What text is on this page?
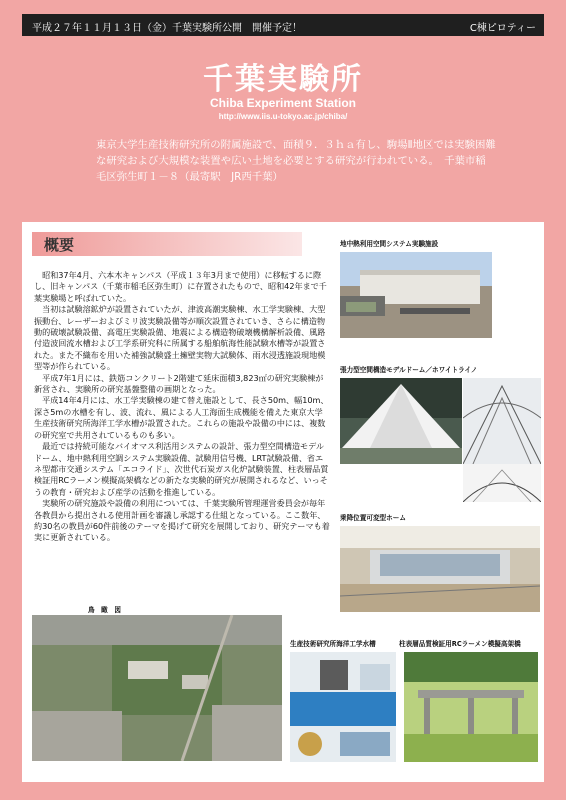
平成２７年１１月１３日（金）千葉実験所公開　開催予定！	C棟ピロティー
千葉実験所
Chiba Experiment Station
http://www.iis.u-tokyo.ac.jp/chiba/
東京大学生産技術研究所の附属施設で、面積９．３ｈａ有し、駒場Ⅱ地区では実験困難な研究および大規模な装置や広い土地を必要とする研究が行われている。　千葉市稲毛区弥生町１－８（最寄駅　JR西千葉）
概要

昭和37年4月、六本木キャンパス（平成１３年3月まで使用）に移転するに際し、旧キャンパス（千葉市稲毛区弥生町）に存置されたもので、昭和42年まで千葉実験場と呼ばれていた。

当初は試験溶鉱炉が設置されていたが、津波高潮実験棟、水工学実験棟、大型振動台、レーザーおよびミリ波実験設備等が順次設置されていき、さらに構造物動的破壊試験設備、高電圧実験設備、地震による構造物破壊機構解析設備、風路付造波回流水槽および工学系研究科に所属する船舶航海性能試験水槽等が設置された。また不織布を用いた補強試験盛土擁壁実物大試験体、雨水浸透施設現地模型等が作られている。

平成7年1月には、鉄筋コンクリート2階建て延床面積3,823㎡の研究実験棟が新営され、実験所の研究基盤整備の画期となった。

平成14年4月には、水工学実験棟の建て替え施設として、長さ50m、幅10m、深さ5mの水槽を有し、波、流れ、風による人工海面生成機能を備えた東京大学生産技術研究所海洋工学水槽が設置された。これらの施設や設備の中には、複数の研究室で共用されているものも多い。

最近では持続可能なバイオマス利活用システムの設計、張力型空間構造モデルドーム、地中熱利用空調システム実験設備、試験用信号機、LRT試験設備、省エネ型都市交通システム「エコライド」、次世代石炭ガス化炉試験装置、柱表層品質検証用RCラーメン模擬高架橋などの新たな実験的研究が展開されるなど、いっそうの教育・研究および産学の活動を推進している。

実験所の研究施設や設備の利用については、千葉実験所管理運営委員会が毎年各教員から提出される使用計画を審議し承認する仕組となっている。ここ数年、約30名の教員が60件前後のテーマを掲げて研究を展開しており、研究テーマも着実に更新されている。

地中熱利用空間システム実験施設
張力型空間構造モデルドーム／ホワイトライノ
乗降位置可変型ホーム
鳥　瞰　図
生産技術研究所海洋工学水槽	柱表層品質検証用RCラーメン模擬高架橋
東京大学生産技術研究所
